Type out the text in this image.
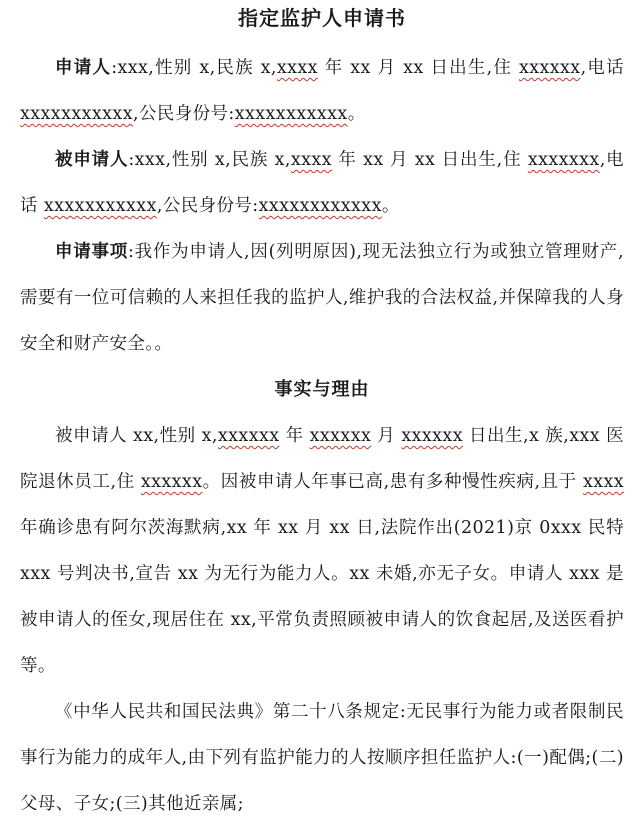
指定监护人申请书

申请人:xxx,性别 x,民族 x,xxxx 年 xx 月 xx 日出生,住 xxxxxx,电话 xxxxxxxxxxx,公民身份号:xxxxxxxxxxx。

被申请人:xxx,性别 x,民族 x,xxxx 年 xx 月 xx 日出生,住 xxxxxxx,电话 xxxxxxxxxxx,公民身份号:xxxxxxxxxxxx。

申请事项:我作为申请人,因(列明原因),现无法独立行为或独立管理财产,需要有一位可信赖的人来担任我的监护人,维护我的合法权益,并保障我的人身安全和财产安全。。

事实与理由

被申请人 xx,性别 x,xxxxxx 年 xxxxxx 月 xxxxxx 日出生,x 族,xxx 医院退休员工,住 xxxxxx。因被申请人年事已高,患有多种慢性疾病,且于 xxxx 年确诊患有阿尔茨海默病,xx 年 xx 月 xx 日,法院作出(2021)京 0xxx 民特 xxx 号判决书,宣告 xx 为无行为能力人。xx 未婚,亦无子女。申请人 xxx 是被申请人的侄女,现居住在 xx,平常负责照顾被申请人的饮食起居,及送医看护等。

《中华人民共和国民法典》第二十八条规定:无民事行为能力或者限制民事行为能力的成年人,由下列有监护能力的人按顺序担任监护人:(一)配偶;(二)父母、子女;(三)其他近亲属;
